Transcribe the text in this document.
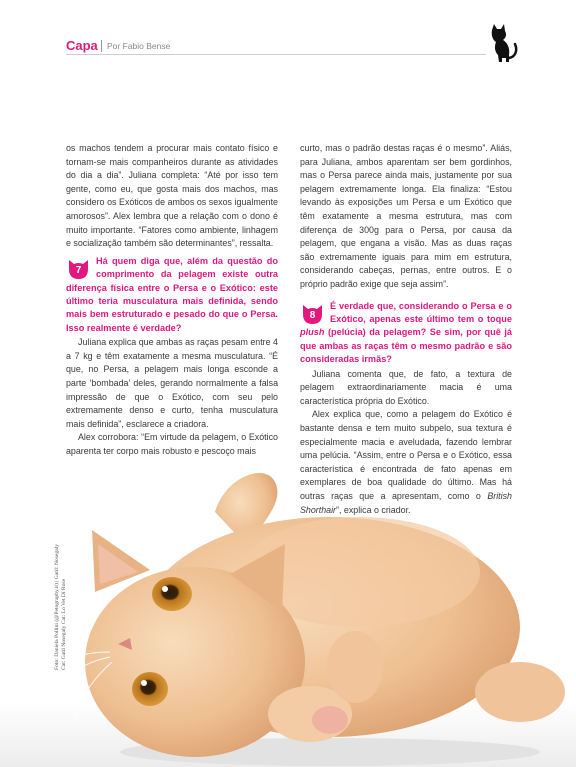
Capa Por Fabio Bense

os machos tendem a procurar mais contato físico e tornam-se mais companheiros durante as atividades do dia a dia”. Juliana completa: “Até por isso tem gente, como eu, que gosta mais dos machos, mas considero os Exóticos de ambos os sexos igualmente amorosos”. Alex lembra que a relação com o dono é muito importante. “Fatores como ambiente, linhagem e socialização também são determinantes”, ressalta.

7
Há quem diga que, além da questão do comprimento da pelagem existe outra diferença física entre o Persa e o Exótico: este último teria musculatura mais definida, sendo mais bem estruturado e pesado do que o Persa. Isso realmente é verdade?

Juliana explica que ambas as raças pesam entre 4 a 7 kg e têm exatamente a mesma musculatura. “É que, no Persa, a pelagem mais longa esconde a parte ‘bombada’ deles, gerando normalmente a falsa impressão de que o Exótico, com seu pelo extremamente denso e curto, tenha musculatura mais definida”, esclarece a criadora.

Alex corrobora: “Em virtude da pelagem, o Exótico aparenta ter corpo mais robusto e pescoço mais

curto, mas o padrão destas raças é o mesmo”. Aliás, para Juliana, ambos aparentam ser bem gordinhos, mas o Persa parece ainda mais, justamente por sua pelagem extremamente longa. Ela finaliza: “Estou levando às exposições um Persa e um Exótico que têm exatamente a mesma estrutura, mas com diferença de 300g para o Persa, por causa da pelagem, que engana a visão. Mas as duas raças são extremamente iguais para mim em estrutura, considerando cabeças, pernas, entre outros. E o próprio padrão exige que seja assim”.

8
É verdade que, considerando o Persa e o Exótico, apenas este último tem o toque plush (pelúcia) da pelagem? Se sim, por quê já que ambas as raças têm o mesmo padrão e são consideradas irmãs?

Juliana comenta que, de fato, a textura de pelagem extraordinariamente macia é uma característica própria do Exótico.

Alex explica que, como a pelagem do Exótico é bastante densa e tem muito subpelo, sua textura é especialmente macia e aveludada, fazendo lembrar uma pelúcia. “Assim, entre o Persa e o Exótico, essa característica é encontrada de fato apenas em exemplares de boa qualidade do último. Mas há outras raças que a apresentam, como o British Shorthair”, explica o criador.

Foto: Daniela Pollini (@Petography.it) | Gatil: Nosegaly Cat: Gatil Nosegaly Cat: Lo Vet Di Rose
